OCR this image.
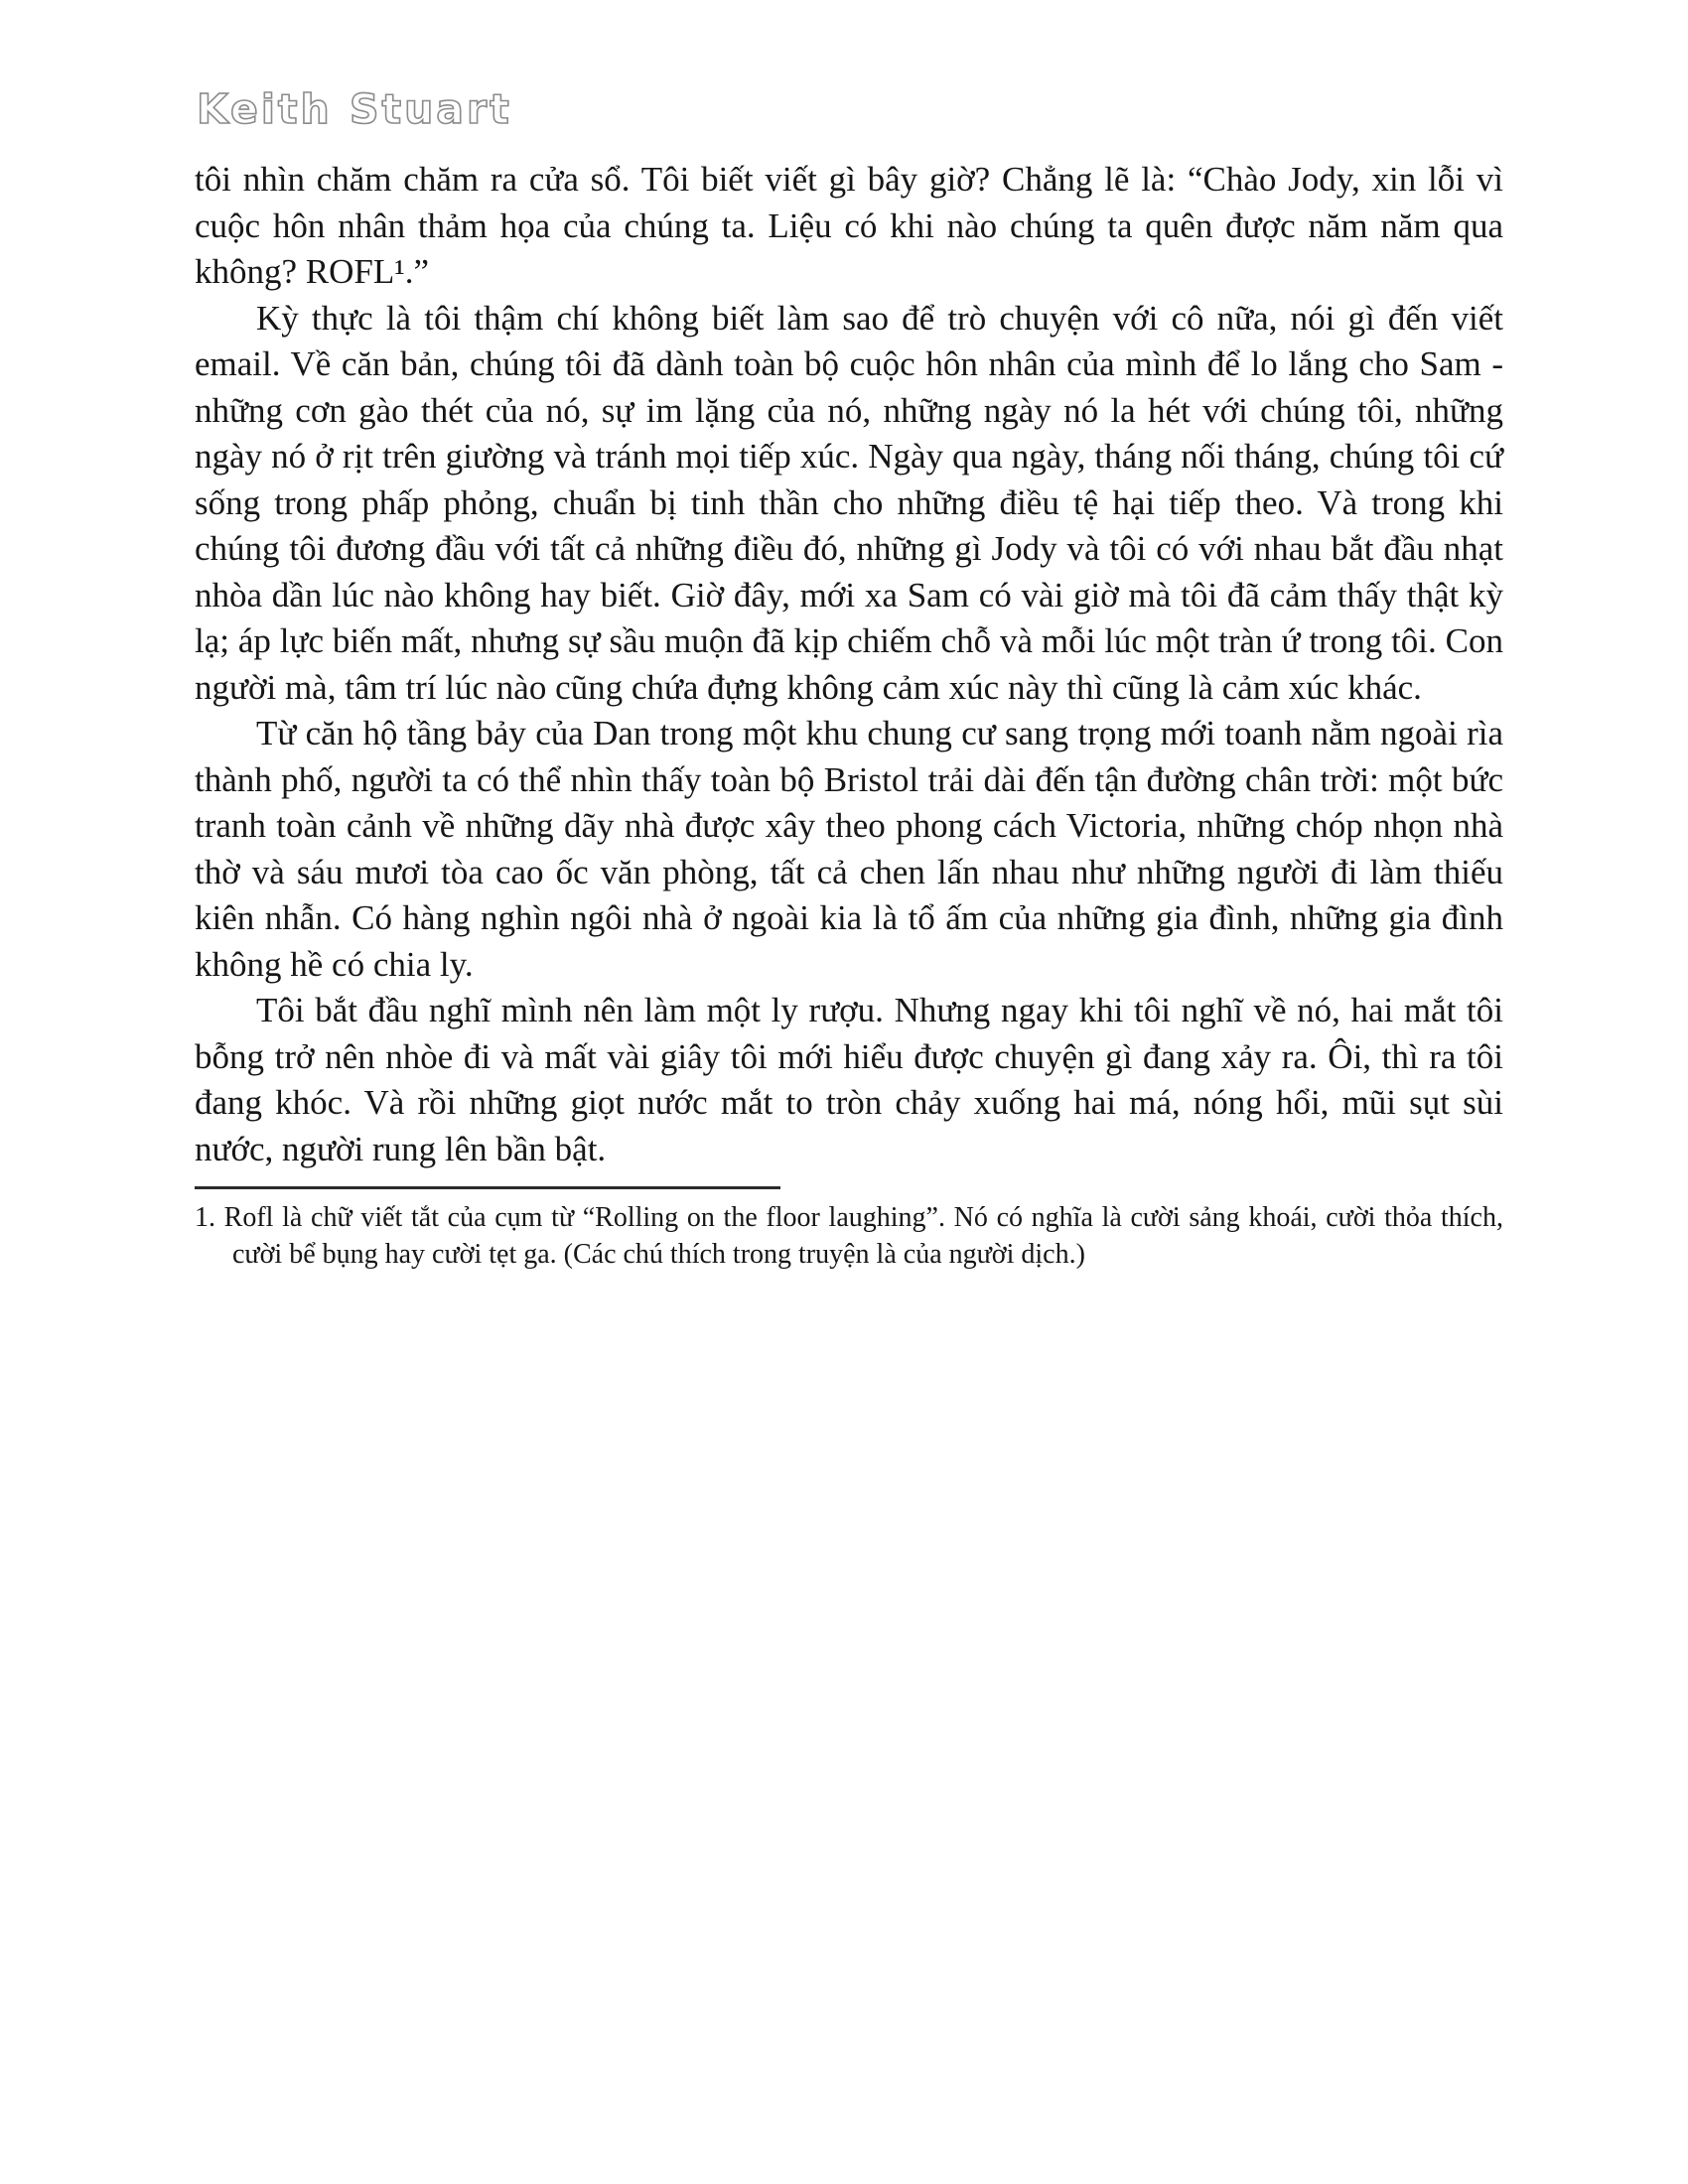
Keith Stuart

tôi nhìn chăm chăm ra cửa sổ. Tôi biết viết gì bây giờ? Chẳng lẽ là: “Chào Jody, xin lỗi vì cuộc hôn nhân thảm họa của chúng ta. Liệu có khi nào chúng ta quên được năm năm qua không? ROFL¹.”

Kỳ thực là tôi thậm chí không biết làm sao để trò chuyện với cô nữa, nói gì đến viết email. Về căn bản, chúng tôi đã dành toàn bộ cuộc hôn nhân của mình để lo lắng cho Sam - những cơn gào thét của nó, sự im lặng của nó, những ngày nó la hét với chúng tôi, những ngày nó ở rịt trên giường và tránh mọi tiếp xúc. Ngày qua ngày, tháng nối tháng, chúng tôi cứ sống trong phấp phỏng, chuẩn bị tinh thần cho những điều tệ hại tiếp theo. Và trong khi chúng tôi đương đầu với tất cả những điều đó, những gì Jody và tôi có với nhau bắt đầu nhạt nhòa dần lúc nào không hay biết. Giờ đây, mới xa Sam có vài giờ mà tôi đã cảm thấy thật kỳ lạ; áp lực biến mất, nhưng sự sầu muộn đã kịp chiếm chỗ và mỗi lúc một tràn ứ trong tôi. Con người mà, tâm trí lúc nào cũng chứa đựng không cảm xúc này thì cũng là cảm xúc khác.

Từ căn hộ tầng bảy của Dan trong một khu chung cư sang trọng mới toanh nằm ngoài rìa thành phố, người ta có thể nhìn thấy toàn bộ Bristol trải dài đến tận đường chân trời: một bức tranh toàn cảnh về những dãy nhà được xây theo phong cách Victoria, những chóp nhọn nhà thờ và sáu mươi tòa cao ốc văn phòng, tất cả chen lấn nhau như những người đi làm thiếu kiên nhẫn. Có hàng nghìn ngôi nhà ở ngoài kia là tổ ấm của những gia đình, những gia đình không hề có chia ly.

Tôi bắt đầu nghĩ mình nên làm một ly rượu. Nhưng ngay khi tôi nghĩ về nó, hai mắt tôi bỗng trở nên nhòe đi và mất vài giây tôi mới hiểu được chuyện gì đang xảy ra. Ôi, thì ra tôi đang khóc. Và rồi những giọt nước mắt to tròn chảy xuống hai má, nóng hổi, mũi sụt sùi nước, người rung lên bần bật.

1. Rofl là chữ viết tắt của cụm từ “Rolling on the floor laughing”. Nó có nghĩa là cười sảng khoái, cười thỏa thích, cười bể bụng hay cười tẹt ga. (Các chú thích trong truyện là của người dịch.)
